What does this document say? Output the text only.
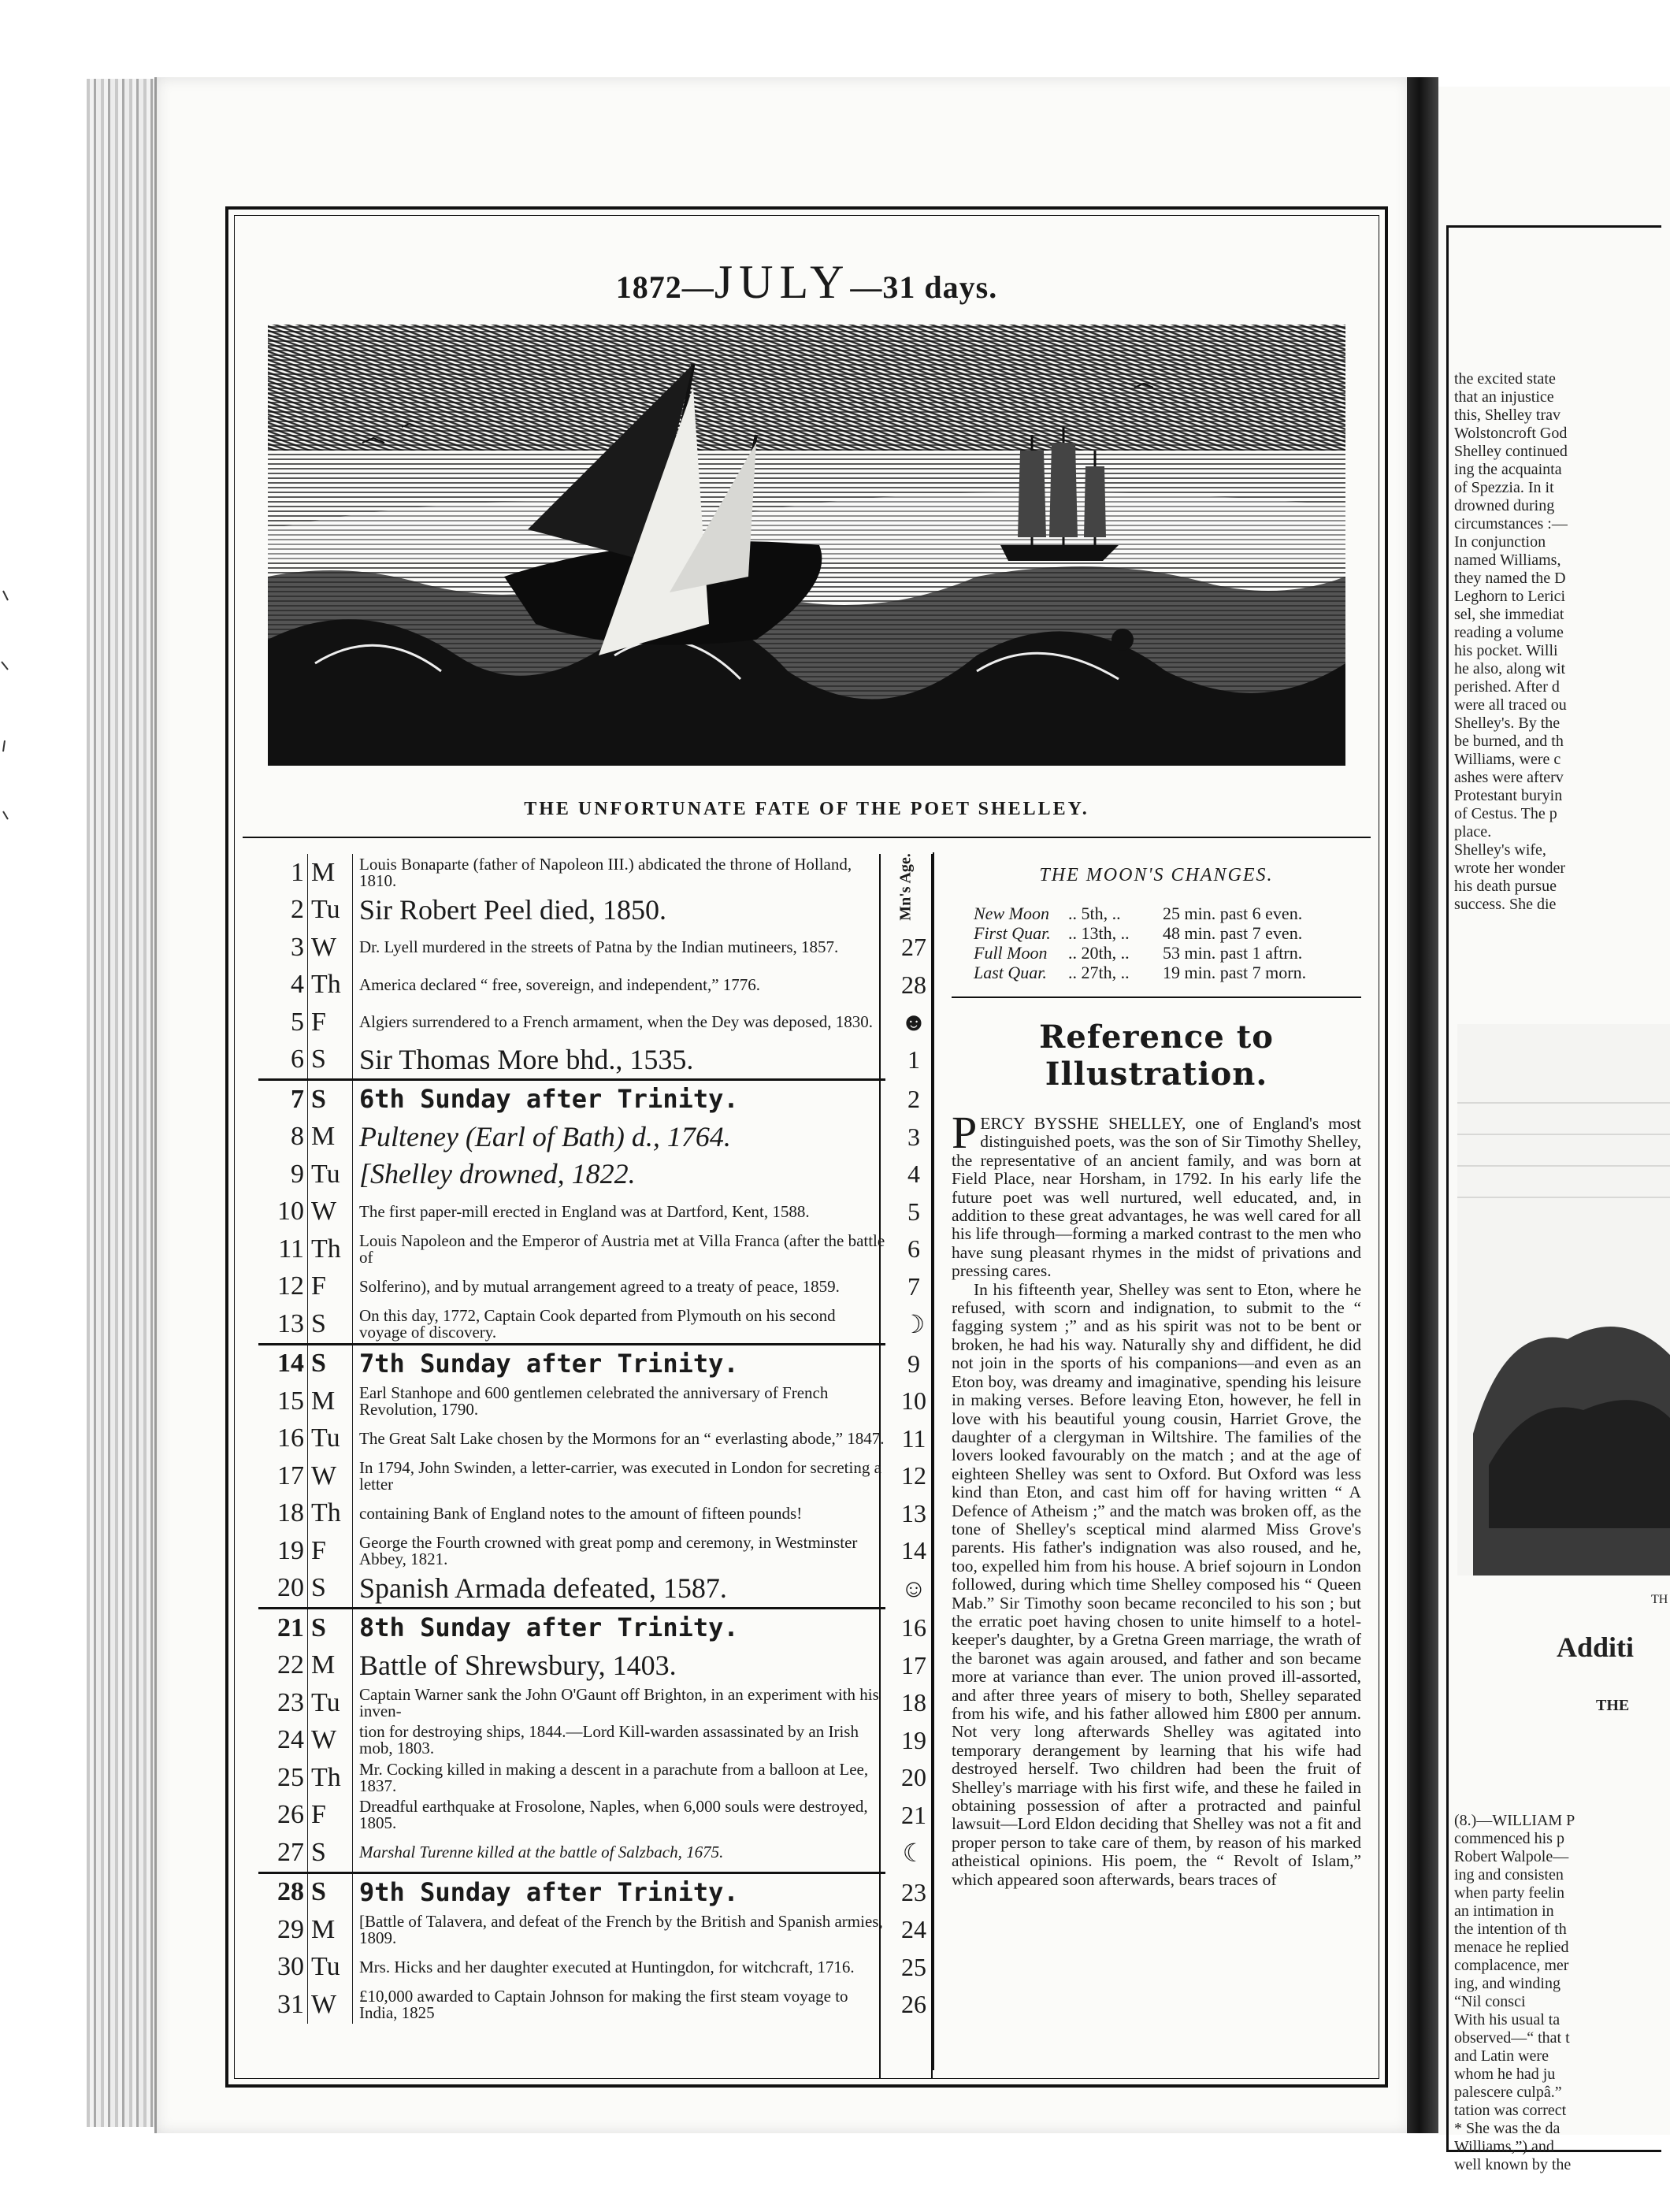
the excited state
that an injustice
this, Shelley trav
Wolstoncroft God
Shelley continued
ing the acquainta
of Spezzia. In it
drowned during
circumstances :—
In conjunction
named Williams,
they named the D
Leghorn to Lerici
sel, she immediat
reading a volume
his pocket. Willi
he also, along wit
perished. After d
were all traced ou
Shelley's. By the
be burned, and th
Williams, were c
ashes were afterv
Protestant buryin
of Cestus. The p
place.
Shelley's wife,
wrote her wonder
his death pursue
success. She die
TH
Additi
THE
(8.)—WILLIAM P
commenced his p
Robert Walpole—
ing and consisten
when party feelin
an intimation in
the intention of th
menace he replied
complacence, mer
ing, and winding
“Nil consci
With his usual ta
observed—“ that t
and Latin were
whom he had ju
palescere culpâ.”
tation was correct
* She was the da
Williams,”) and
well known by the
1872—JULY—31 days.
THE UNFORTUNATE FATE OF THE POET SHELLEY.
Mn's Age.
1 M	Louis Bonaparte (father of Napoleon III.) abdicated the throne of Holland, 1810.
2 Tu Sir Robert Peel died, 1850.
3 W	Dr. Lyell murdered in the streets of Patna by the Indian mutineers, 1857.	27
4 Th	America declared “ free, sovereign, and independent,” 1776.	28
5 F	Algiers surrendered to a French armament, when the Dey was deposed, 1830.	☻
6 S	Sir Thomas More bhd., 1535.	1
7 S	6th Sunday after Trinity.	2
8 M Pulteney (Earl of Bath) d., 1764.	3
9 Tu [Shelley drowned, 1822.	4
10 W	The first paper-mill erected in England was at Dartford, Kent, 1588.	5
11 Th	Louis Napoleon and the Emperor of Austria met at Villa Franca (after the battle of	6
12 F	Solferino), and by mutual arrangement agreed to a treaty of peace, 1859.	7
13 S	On this day, 1772, Captain Cook departed from Plymouth on his second voyage of discovery.	☽
14 S	7th Sunday after Trinity.	9
15 M	Earl Stanhope and 600 gentlemen celebrated the anniversary of French Revolution, 1790.	10
16 Tu	The Great Salt Lake chosen by the Mormons for an “ everlasting abode,” 1847. 11
17 W	In 1794, John Swinden, a letter-carrier, was executed in London for secreting a letter	12
18 Th	containing Bank of England notes to the amount of fifteen pounds!	13
19 F	George the Fourth crowned with great pomp and ceremony, in Westminster Abbey, 1821.	14
20 S	Spanish Armada defeated, 1587.	☺
21 S	8th Sunday after Trinity.	16
22 M Battle of Shrewsbury, 1403.	17
23 Tu	Captain Warner sank the John O'Gaunt off Brighton, in an experiment with his inven-	18
24 W	tion for destroying ships, 1844.—Lord Kill-warden assassinated by an Irish mob, 1803.	19
25 Th	Mr. Cocking killed in making a descent in a parachute from a balloon at Lee, 1837.	20
26 F	Dreadful earthquake at Frosolone, Naples, when 6,000 souls were destroyed, 1805.	21
27 S	Marshal Turenne killed at the battle of Salzbach, 1675.	☾
28 S	9th Sunday after Trinity.	23
29 M	[Battle of Talavera, and defeat of the French by the British and Spanish armies, 1809.	24
30 Tu	Mrs. Hicks and her daughter executed at Huntingdon, for witchcraft, 1716.	25
31 W	£10,000 awarded to Captain Johnson for making the first steam voyage to India, 1825	26
THE MOON'S CHANGES.
New Moon	.. 5th, ..	25 min. past 6 even.
First Quar.	.. 13th, ..	48 min. past 7 even.
Full Moon	.. 20th, ..	53 min. past 1 aftrn.
Last Quar.	.. 27th, ..	19 min. past 7 morn.
Reference to Illustration.

PERCY BYSSHE SHELLEY, one of England's most distinguished poets, was the son of Sir Timothy Shelley, the representative of an ancient family, and was born at Field Place, near Horsham, in 1792. In his early life the future poet was well nurtured, well educated, and, in addition to these great advantages, he was well cared for all his life through—forming a marked contrast to the men who have sung pleasant rhymes in the midst of privations and pressing cares.

In his fifteenth year, Shelley was sent to Eton, where he refused, with scorn and indignation, to submit to the “ fagging system ;” and as his spirit was not to be bent or broken, he had his way. Naturally shy and diffident, he did not join in the sports of his companions—and even as an Eton boy, was dreamy and imaginative, spending his leisure in making verses. Before leaving Eton, however, he fell in love with his beautiful young cousin, Harriet Grove, the daughter of a clergyman in Wiltshire. The families of the lovers looked favourably on the match ; and at the age of eighteen Shelley was sent to Oxford. But Oxford was less kind than Eton, and cast him off for having written “ A Defence of Atheism ;” and the match was broken off, as the tone of Shelley's sceptical mind alarmed Miss Grove's parents. His father's indignation was also roused, and he, too, expelled him from his house. A brief sojourn in London followed, during which time Shelley composed his “ Queen Mab.” Sir Timothy soon became reconciled to his son ; but the erratic poet having chosen to unite himself to a hotel-keeper's daughter, by a Gretna Green marriage, the wrath of the baronet was again aroused, and father and son became more at variance than ever. The union proved ill-assorted, and after three years of misery to both, Shelley separated from his wife, and his father allowed him £800 per annum. Not very long afterwards Shelley was agitated into temporary derangement by learning that his wife had destroyed herself. Two children had been the fruit of Shelley's marriage with his first wife, and these he failed in obtaining possession of after a protracted and painful lawsuit—Lord Eldon deciding that Shelley was not a fit and proper person to take care of them, by reason of his marked atheistical opinions. His poem, the “ Revolt of Islam,” which appeared soon afterwards, bears traces of
